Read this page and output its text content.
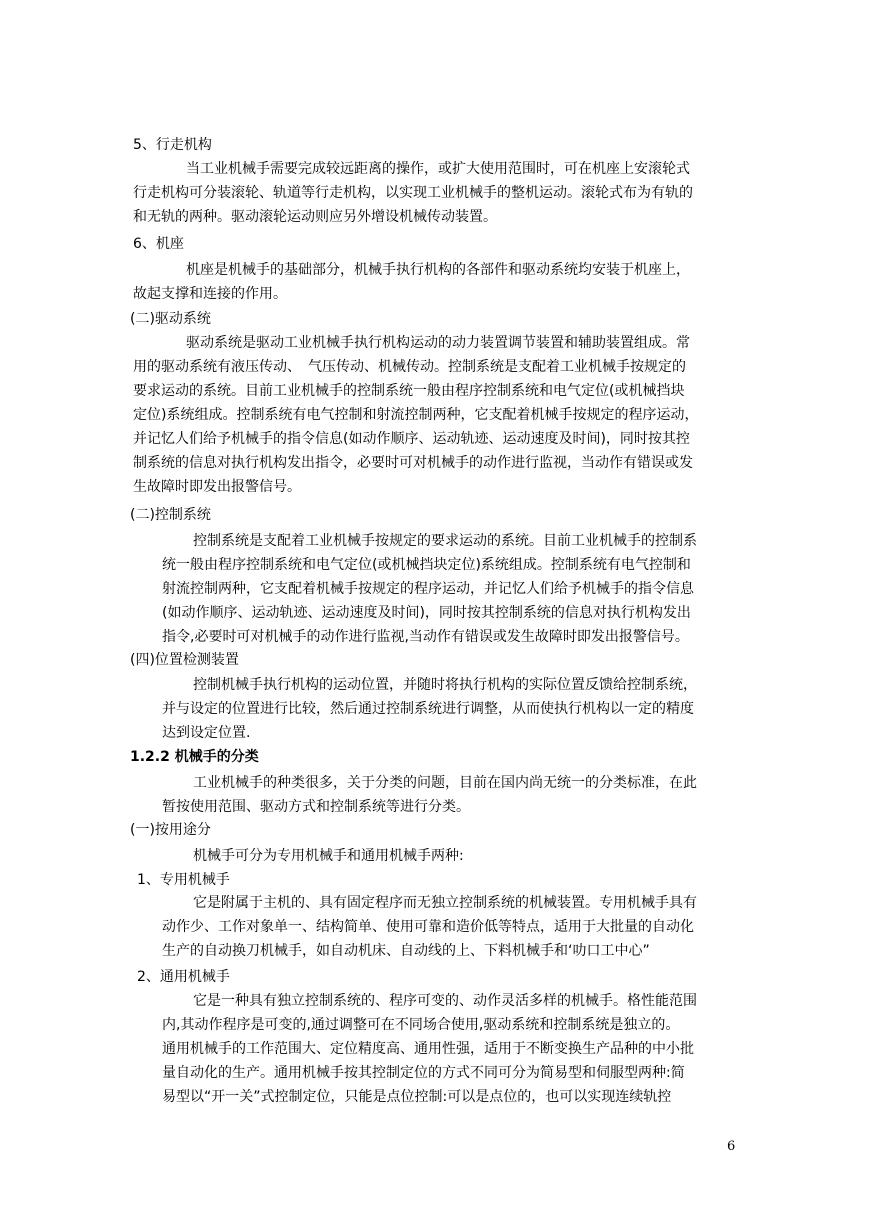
5、行走机构
当工业机械手需要完成较远距离的操作，或扩大使用范围时，可在机座上安滚轮式
行走机构可分装滚轮、轨道等行走机构，以实现工业机械手的整机运动。滚轮式布为有轨的
和无轨的两种。驱动滚轮运动则应另外增设机械传动装置。
6、机座
机座是机械手的基础部分，机械手执行机构的各部件和驱动系统均安装于机座上，
故起支撑和连接的作用。
(二)驱动系统
驱动系统是驱动工业机械手执行机构运动的动力装置调节装置和辅助装置组成。常
用的驱动系统有液压传动、　气压传动、机械传动。控制系统是支配着工业机械手按规定的
要求运动的系统。目前工业机械手的控制系统一般由程序控制系统和电气定位(或机械挡块
定位)系统组成。控制系统有电气控制和射流控制两种，它支配着机械手按规定的程序运动，
并记忆人们给予机械手的指令信息(如动作顺序、运动轨迹、运动速度及时间)，同时按其控
制系统的信息对执行机构发出指令，必要时可对机械手的动作进行监视，当动作有错误或发
生故障时即发出报警信号。
(二)控制系统
控制系统是支配着工业机械手按规定的要求运动的系统。目前工业机械手的控制系
统一般由程序控制系统和电气定位(或机械挡块定位)系统组成。控制系统有电气控制和
射流控制两种，它支配着机械手按规定的程序运动，并记忆人们给予机械手的指令信息
(如动作顺序、运动轨迹、运动速度及时间)，同时按其控制系统的信息对执行机构发出
指令,必要时可对机械手的动作进行监视,当动作有错误或发生故障时即发出报警信号。
(四)位置检测装置
控制机械手执行机构的运动位置，并随时将执行机构的实际位置反馈给控制系统，
并与设定的位置进行比较，然后通过控制系统进行调整，从而使执行机构以一定的精度
达到设定位置.
1.2.2 机械手的分类
工业机械手的种类很多，关于分类的问题，目前在国内尚无统一的分类标准，在此
暂按使用范围、驱动方式和控制系统等进行分类。
(一)按用途分
机械手可分为专用机械手和通用机械手两种:
1、专用机械手
它是附属于主机的、具有固定程序而无独立控制系统的机械装置。专用机械手具有
动作少、工作对象单一、结构简单、使用可靠和造价低等特点，适用于大批量的自动化
生产的自动换刀机械手，如自动机床、自动线的上、下料机械手和‘叻口工中心”
2、通用机械手
它是一种具有独立控制系统的、程序可变的、动作灵活多样的机械手。格性能范围
内,其动作程序是可变的,通过调整可在不同场合使用,驱动系统和控制系统是独立的。
通用机械手的工作范围大、定位精度高、通用性强，适用于不断变换生产品种的中小批
量自动化的生产。通用机械手按其控制定位的方式不同可分为简易型和伺服型两种:简
易型以“开一关”式控制定位，只能是点位控制:可以是点位的，也可以实现连续轨控
6
